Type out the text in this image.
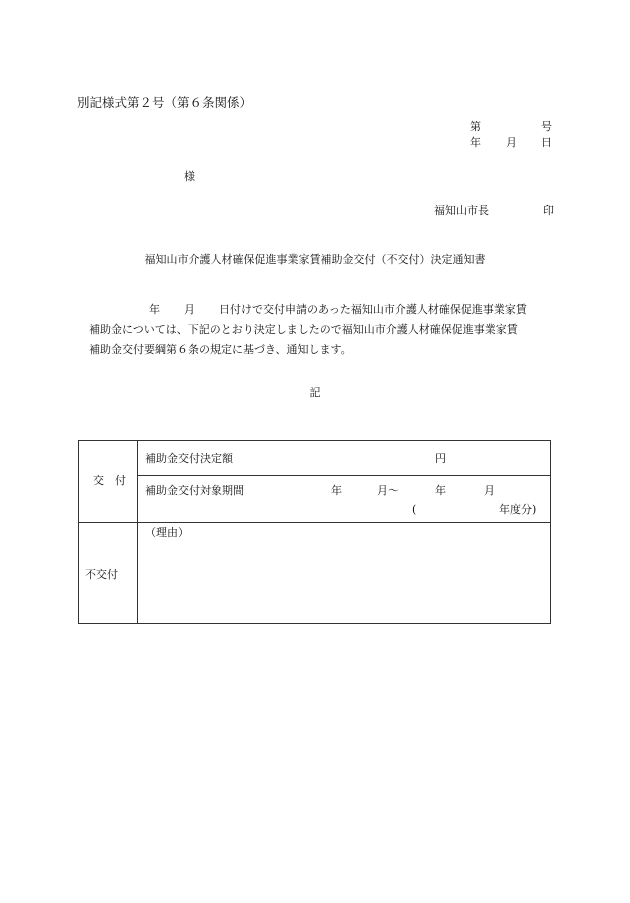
別記様式第２号（第６条関係）
第	号
年 月 日
様
福知山市長	印
福知山市介護人材確保促進事業家賃補助金交付（不交付）決定通知書
年 月 日付けで交付申請のあった福知山市介護人材確保促進事業家賃
補助金については、下記のとおり決定しましたので福知山市介護人材確保促進事業家賃
補助金交付要綱第６条の規定に基づき、通知します。
記
交　付
補助金交付決定額	円
補助金交付対象期間	年	月～	年	月
(	年度分)
不交付
（理由）
